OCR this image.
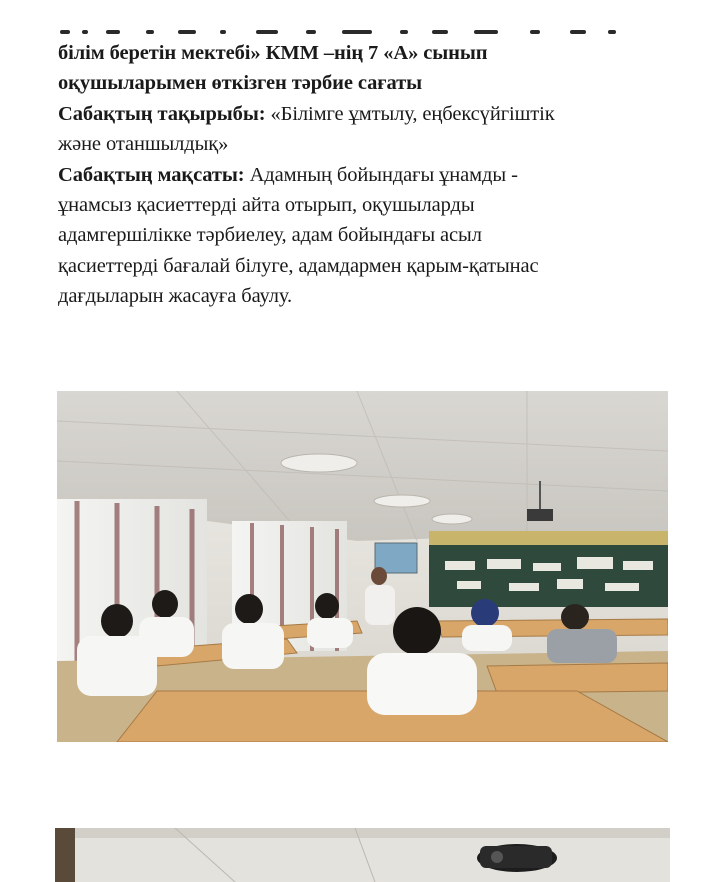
білім беретін мектебі» КММ –нің 7 «А» сынып

оқушыларымен өткізген тәрбие сағаты

Сабақтың тақырыбы: «Білімге ұмтылу, еңбексүйгіштік

және отаншылдық»

Сабақтың мақсаты: Адамның бойындағы ұнамды -

ұнамсыз қасиеттерді айта отырып, оқушыларды

адамгершілікке тәрбиелеу, адам бойындағы асыл

қасиеттерді бағалай білуге, адамдармен қарым-қатынас

дағдыларын жасауға баулу.
